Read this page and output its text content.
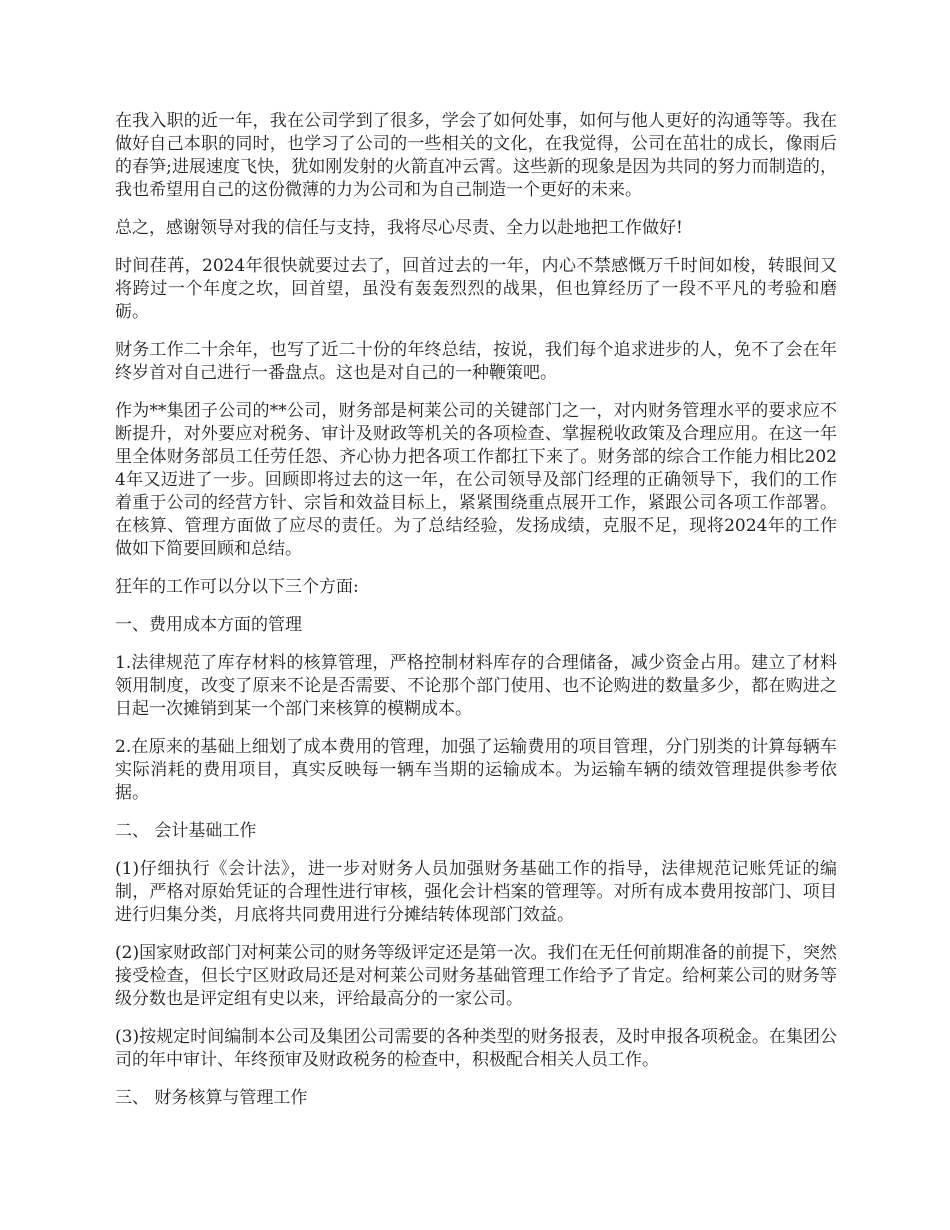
在我入职的近一年，我在公司学到了很多，学会了如何处事，如何与他人更好的沟通等等。我在做好自己本职的同时，也学习了公司的一些相关的文化，在我觉得，公司在茁壮的成长，像雨后的春笋;进展速度飞快，犹如刚发射的火箭直冲云霄。这些新的现象是因为共同的努力而制造的，我也希望用自己的这份微薄的力为公司和为自己制造一个更好的未来。

总之，感谢领导对我的信任与支持，我将尽心尽责、全力以赴地把工作做好!

时间荏苒，2024年很快就要过去了，回首过去的一年，内心不禁感慨万千时间如梭，转眼间又将跨过一个年度之坎，回首望，虽没有轰轰烈烈的战果，但也算经历了一段不平凡的考验和磨砺。

财务工作二十余年，也写了近二十份的年终总结，按说，我们每个追求进步的人，免不了会在年终岁首对自己进行一番盘点。这也是对自己的一种鞭策吧。

作为**集团子公司的**公司，财务部是柯莱公司的关键部门之一，对内财务管理水平的要求应不断提升，对外要应对税务、审计及财政等机关的各项检查、掌握税收政策及合理应用。在这一年里全体财务部员工任劳任怨、齐心协力把各项工作都扛下来了。财务部的综合工作能力相比2024年又迈进了一步。回顾即将过去的这一年，在公司领导及部门经理的正确领导下，我们的工作着重于公司的经营方针、宗旨和效益目标上，紧紧围绕重点展开工作，紧跟公司各项工作部署。在核算、管理方面做了应尽的责任。为了总结经验，发扬成绩，克服不足，现将2024年的工作做如下简要回顾和总结。

狂年的工作可以分以下三个方面:

一、费用成本方面的管理

1.法律规范了库存材料的核算管理，严格控制材料库存的合理储备，减少资金占用。建立了材料领用制度，改变了原来不论是否需要、不论那个部门使用、也不论购进的数量多少，都在购进之日起一次摊销到某一个部门来核算的模糊成本。

2.在原来的基础上细划了成本费用的管理，加强了运输费用的项目管理，分门别类的计算每辆车实际消耗的费用项目，真实反映每一辆车当期的运输成本。为运输车辆的绩效管理提供参考依据。

二、 会计基础工作

(1)仔细执行《会计法》，进一步对财务人员加强财务基础工作的指导，法律规范记账凭证的编制，严格对原始凭证的合理性进行审核，强化会计档案的管理等。对所有成本费用按部门、项目进行归集分类，月底将共同费用进行分摊结转体现部门效益。

(2)国家财政部门对柯莱公司的财务等级评定还是第一次。我们在无任何前期准备的前提下，突然接受检查，但长宁区财政局还是对柯莱公司财务基础管理工作给予了肯定。给柯莱公司的财务等级分数也是评定组有史以来，评给最高分的一家公司。

(3)按规定时间编制本公司及集团公司需要的各种类型的财务报表，及时申报各项税金。在集团公司的年中审计、年终预审及财政税务的检查中，积极配合相关人员工作。

三、 财务核算与管理工作
